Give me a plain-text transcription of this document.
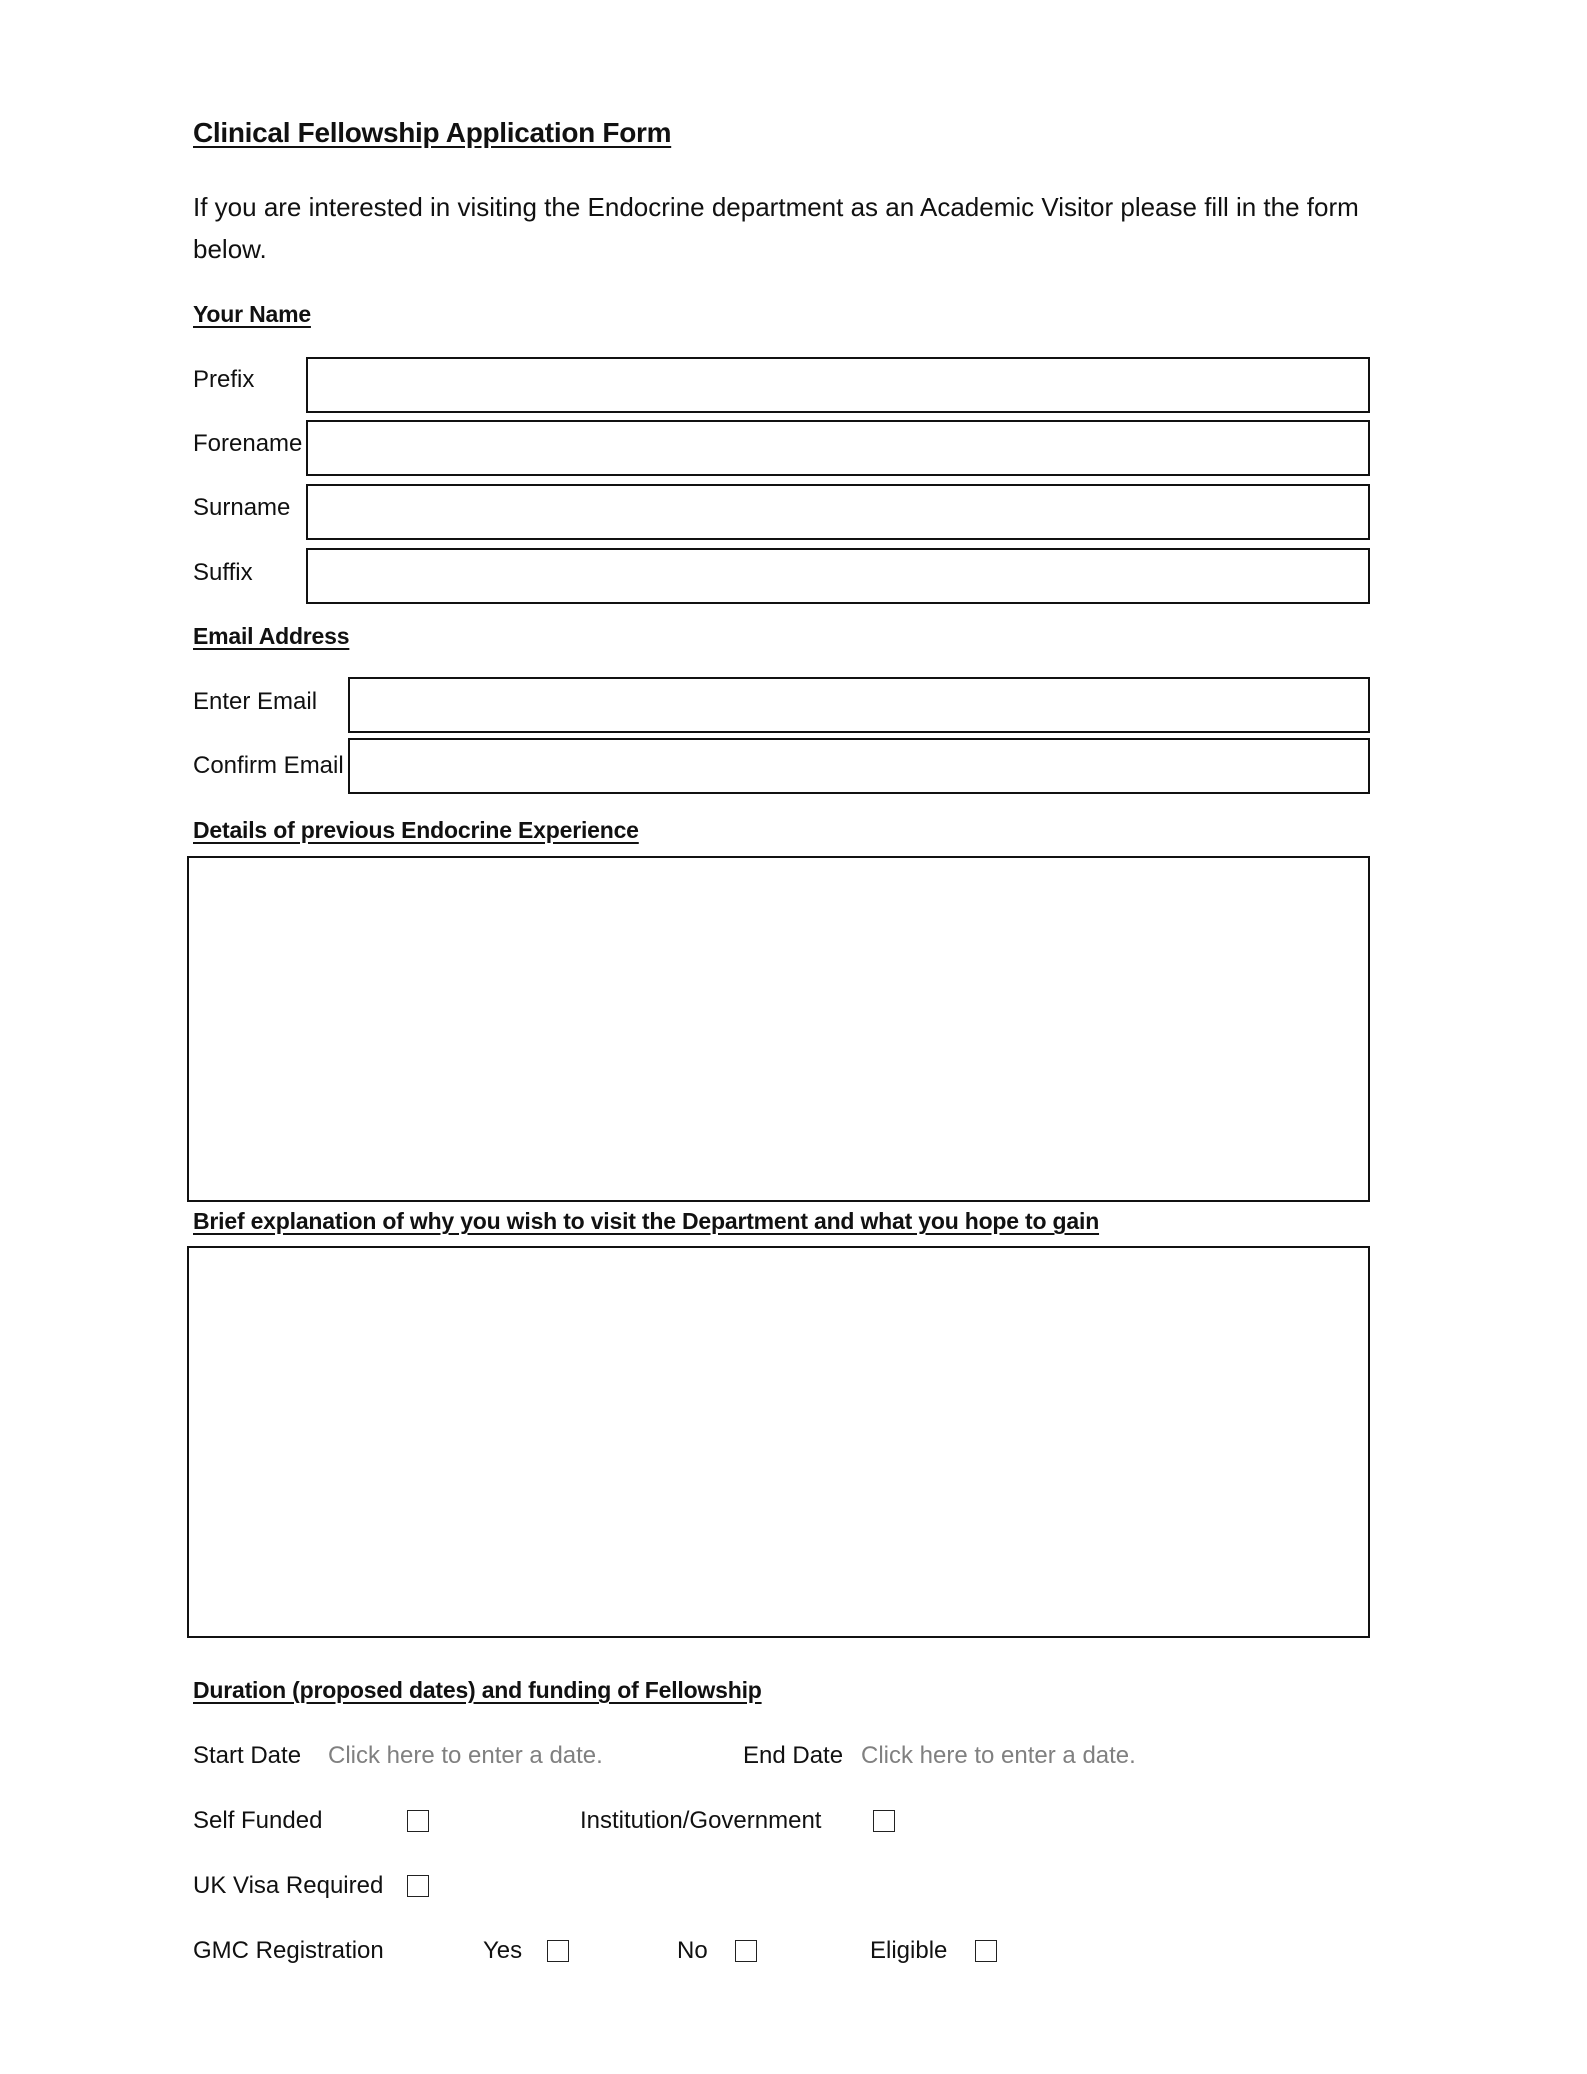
Clinical Fellowship Application Form
If you are interested in visiting the Endocrine department as an Academic Visitor please fill in the form below.
Your Name
Prefix
Forename
Surname
Suffix
Email Address
Enter Email
Confirm Email
Details of previous Endocrine Experience
Brief explanation of why you wish to visit the Department and what you hope to gain
Duration (proposed dates) and funding of Fellowship
Start Date Click here to enter a date.	End Date Click here to enter a date.
Self Funded	Institution/Government
UK Visa Required
GMC Registration	Yes	No	Eligible
